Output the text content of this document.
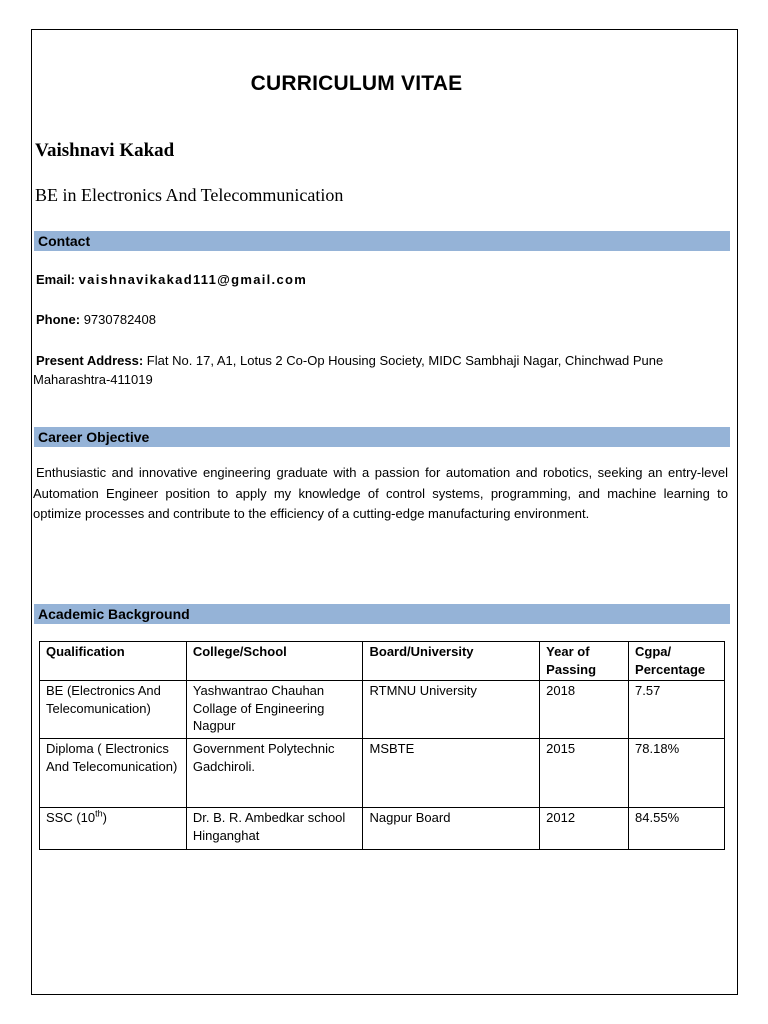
CURRICULUM VITAE
Vaishnavi Kakad
BE in Electronics And Telecommunication
Contact
Email: vaishnavikakad111@gmail.com
Phone: 9730782408
Present Address: Flat No. 17, A1, Lotus 2 Co-Op Housing Society, MIDC Sambhaji Nagar, Chinchwad Pune Maharashtra-411019
Career Objective
Enthusiastic and innovative engineering graduate with a passion for automation and robotics, seeking an entry-level Automation Engineer position to apply my knowledge of control systems, programming, and machine learning to optimize processes and contribute to the efficiency of a cutting-edge manufacturing environment.
Academic Background
Qualification	College/School	Board/University	Year of Passing	Cgpa/ Percentage
BE (Electronics And Telecomunication)	Yashwantrao Chauhan Collage of Engineering Nagpur	RTMNU University	2018	7.57
Diploma ( Electronics And Telecomunication)	Government Polytechnic Gadchiroli.	MSBTE	2015	78.18%
SSC (10th)	Dr. B. R. Ambedkar school Hinganghat	Nagpur Board	2012	84.55%
